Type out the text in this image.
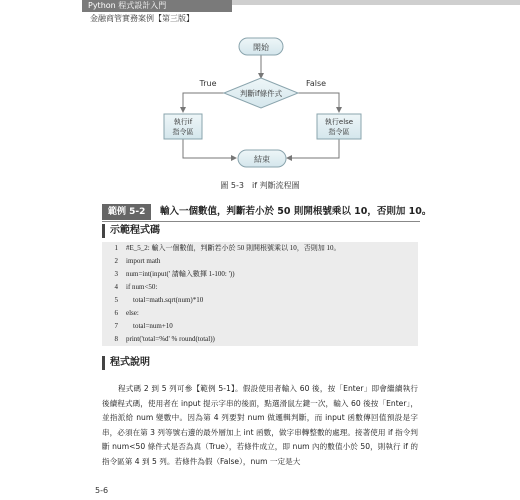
Python 程式設計入門
金融商管實務案例【第三版】
開始
判斷if條件式
True	False
執行if
指令區
執行else
指令區
結束
圖 5-3　if 判斷流程圖
範例 5-2	輸入一個數值，判斷若小於 50 則開根號乘以 10，否則加 10。
示範程式碼
1 #E_5_2: 輸入一個數值，判斷若小於 50 則開根號乘以 10，否則加 10。
2 import math
3 num=int(input(' 請輸入數揮 1-100: '))
4 if num<50:
5    total=math.sqrt(num)*10
6 else:
7    total=num+10
8 print('total=%d' % round(total))
程式說明

程式碼 2 到 5 列可參【範例 5-1】。假設使用者輸入 60 後，按「Enter」即會繼續執行後續程式碼，使用者在 input 提示字串的後面，點選滑鼠左鍵一次，輸入 60 後按「Enter」，並指派給 num 變數中。因為第 4 列要對 num 做邏輯判斷，而 input 函數傳回值預設是字串，必須在第 3 列等號右邊的最外層加上 int 函數，做字串轉整數的處理。接著使用 if 指令判斷 num<50 條件式是否為真（True），若條件成立，即 num 內的數值小於 50，則執行 if 的指令區第 4 到 5 列。若條件為假（False），num 一定是大

5-6
